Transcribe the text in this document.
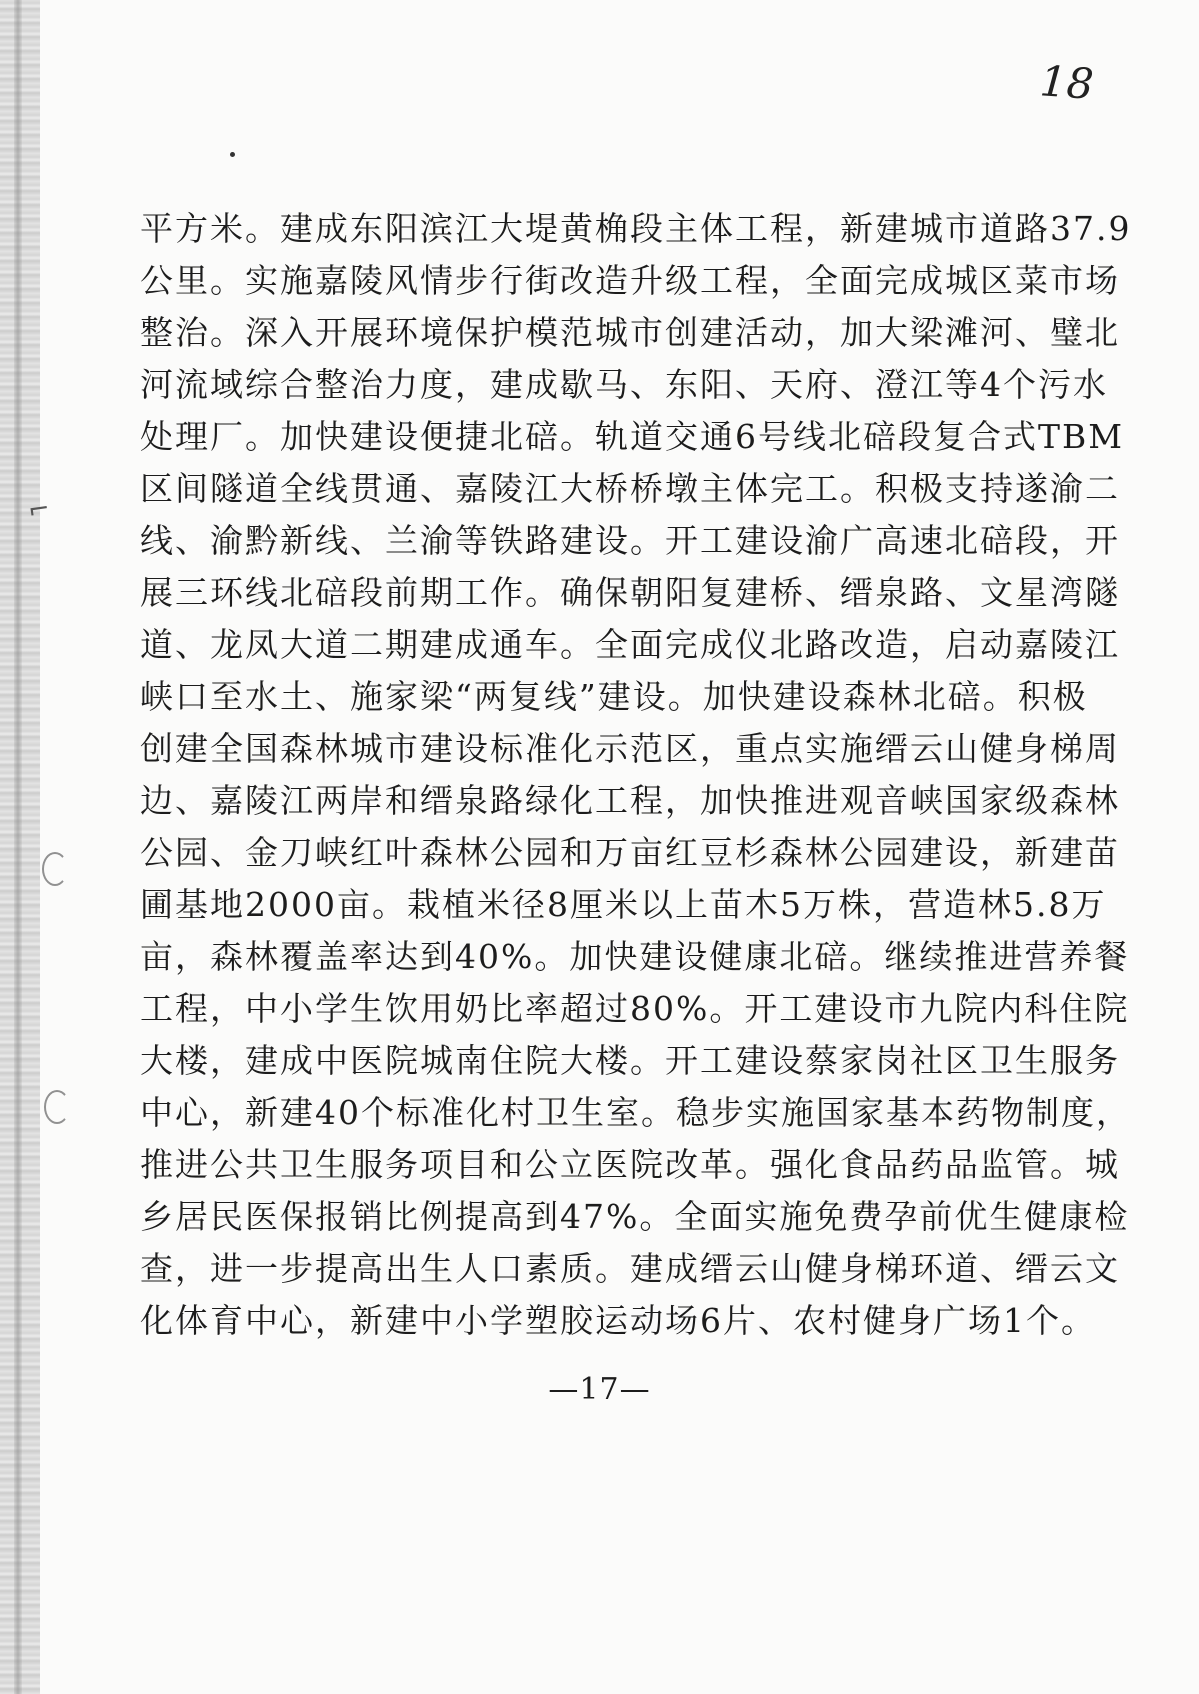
⌐
18
平方米。建成东阳滨江大堤黄桷段主体工程，新建城市道路37.9
公里。实施嘉陵风情步行街改造升级工程，全面完成城区菜市场
整治。深入开展环境保护模范城市创建活动，加大梁滩河、璧北
河流域综合整治力度，建成歇马、东阳、天府、澄江等4个污水
处理厂。加快建设便捷北碚。轨道交通6号线北碚段复合式TBM
区间隧道全线贯通、嘉陵江大桥桥墩主体完工。积极支持遂渝二
线、渝黔新线、兰渝等铁路建设。开工建设渝广高速北碚段，开
展三环线北碚段前期工作。确保朝阳复建桥、缙泉路、文星湾隧
道、龙凤大道二期建成通车。全面完成仪北路改造，启动嘉陵江
峡口至水土、施家梁“两复线”建设。加快建设森林北碚。积极
创建全国森林城市建设标准化示范区，重点实施缙云山健身梯周
边、嘉陵江两岸和缙泉路绿化工程，加快推进观音峡国家级森林
公园、金刀峡红叶森林公园和万亩红豆杉森林公园建设，新建苗
圃基地2000亩。栽植米径8厘米以上苗木5万株，营造林5.8万
亩，森林覆盖率达到40%。加快建设健康北碚。继续推进营养餐
工程，中小学生饮用奶比率超过80%。开工建设市九院内科住院
大楼，建成中医院城南住院大楼。开工建设蔡家岗社区卫生服务
中心，新建40个标准化村卫生室。稳步实施国家基本药物制度，
推进公共卫生服务项目和公立医院改革。强化食品药品监管。城
乡居民医保报销比例提高到47%。全面实施免费孕前优生健康检
查，进一步提高出生人口素质。建成缙云山健身梯环道、缙云文
化体育中心，新建中小学塑胶运动场6片、农村健身广场1个。
—17—
